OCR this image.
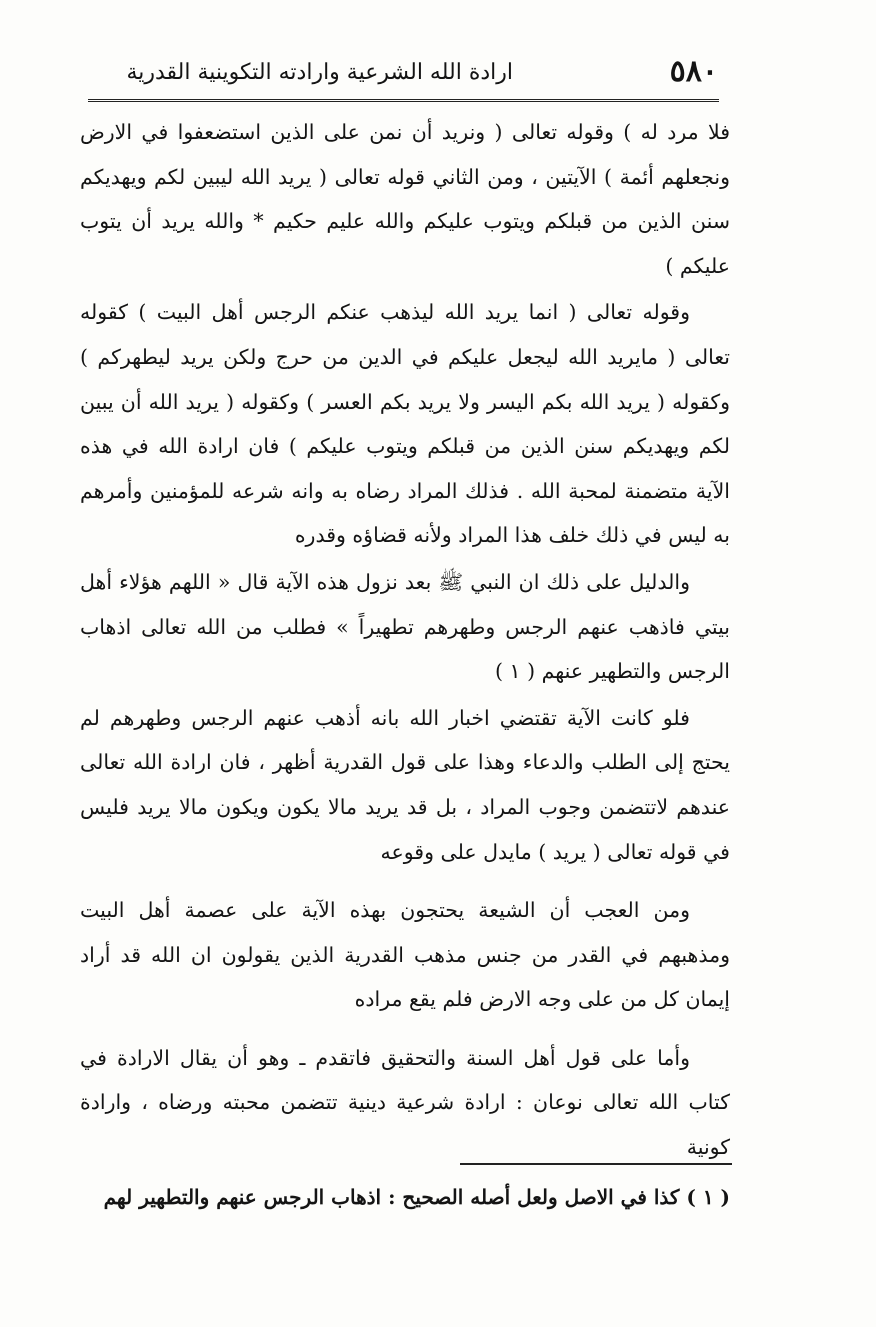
٥٨٠
ارادة الله الشرعية وارادته التكوينية القدرية

فلا مرد له ) وقوله تعالى ( ونريد أن نمن على الذين استضعفوا في الارض ونجعلهم أئمة ) الآيتين ، ومن الثاني قوله تعالى ( يريد الله ليبين لكم ويهديكم سنن الذين من قبلكم ويتوب عليكم والله عليم حكيم * والله يريد أن يتوب عليكم )

وقوله تعالى ( انما يريد الله ليذهب عنكم الرجس أهل البيت ) كقوله تعالى ( مايريد الله ليجعل عليكم في الدين من حرج ولكن يريد ليطهركم ) وكقوله ( يريد الله بكم اليسر ولا يريد بكم العسر ) وكقوله ( يريد الله أن يبين لكم ويهديكم سنن الذين من قبلكم ويتوب عليكم ) فان ارادة الله في هذه الآية متضمنة لمحبة الله . فذلك المراد رضاه به وانه شرعه للمؤمنين وأمرهم به ليس في ذلك خلف هذا المراد ولأنه قضاؤه وقدره

والدليل على ذلك ان النبي ﷺ بعد نزول هذه الآية قال « اللهم هؤلاء أهل بيتي فاذهب عنهم الرجس وطهرهم تطهيراً » فطلب من الله تعالى اذهاب الرجس والتطهير عنهم ( ١ )

فلو كانت الآية تقتضي اخبار الله بانه أذهب عنهم الرجس وطهرهم لم يحتج إلى الطلب والدعاء وهذا على قول القدرية أظهر ، فان ارادة الله تعالى عندهم لاتتضمن وجوب المراد ، بل قد يريد مالا يكون ويكون مالا يريد فليس في قوله تعالى ( يريد ) مايدل على وقوعه

ومن العجب أن الشيعة يحتجون بهذه الآية على عصمة أهل البيت ومذهبهم في القدر من جنس مذهب القدرية الذين يقولون ان الله قد أراد إيمان كل من على وجه الارض فلم يقع مراده

وأما على قول أهل السنة والتحقيق فاتقدم ـ وهو أن يقال الارادة في كتاب الله تعالى نوعان : ارادة شرعية دينية تتضمن محبته ورضاه ، وارادة كونية

( ١ ) كذا في الاصل ولعل أصله الصحيح : اذهاب الرجس عنهم والتطهير لهم
